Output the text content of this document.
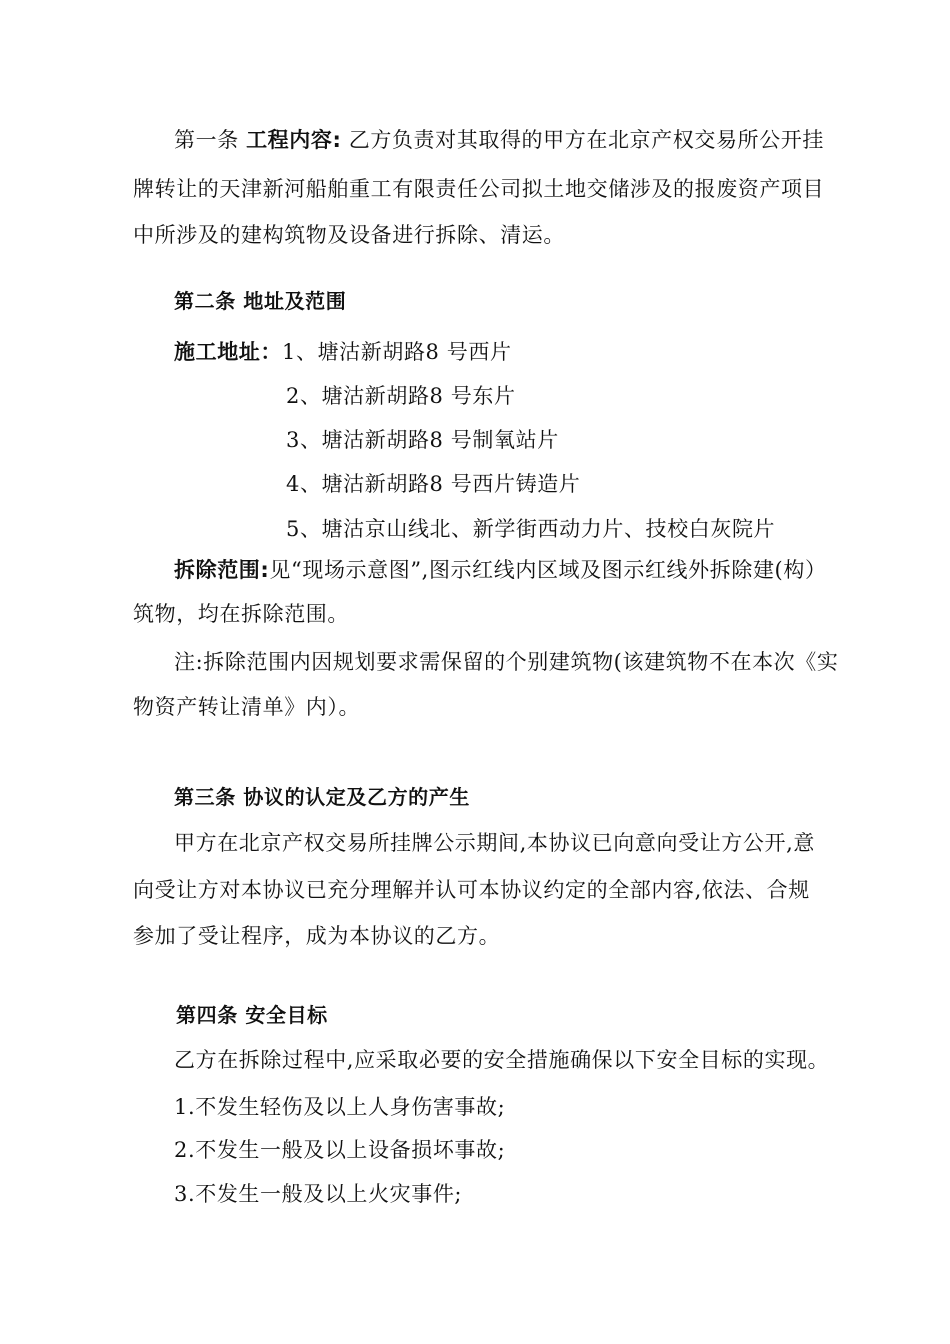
第一条 工程内容: 乙方负责对其取得的甲方在北京产权交易所公开挂
牌转让的天津新河船舶重工有限责任公司拟土地交储涉及的报废资产项目
中所涉及的建构筑物及设备进行拆除、清运。
第二条 地址及范围
施工地址：1、塘沽新胡路8 号西片
2、塘沽新胡路8 号东片
3、塘沽新胡路8 号制氧站片
4、塘沽新胡路8 号西片铸造片
5、塘沽京山线北、新学街西动力片、技校白灰院片
拆除范围:见“现场示意图”,图示红线内区域及图示红线外拆除建(构）
筑物，均在拆除范围。
注:拆除范围内因规划要求需保留的个别建筑物(该建筑物不在本次《实
物资产转让清单》内）。
第三条 协议的认定及乙方的产生
甲方在北京产权交易所挂牌公示期间,本协议已向意向受让方公开,意
向受让方对本协议已充分理解并认可本协议约定的全部内容,依法、合规
参加了受让程序，成为本协议的乙方。
第四条 安全目标
乙方在拆除过程中,应采取必要的安全措施确保以下安全目标的实现。
1.不发生轻伤及以上人身伤害事故;
2.不发生一般及以上设备损坏事故;
3.不发生一般及以上火灾事件;
